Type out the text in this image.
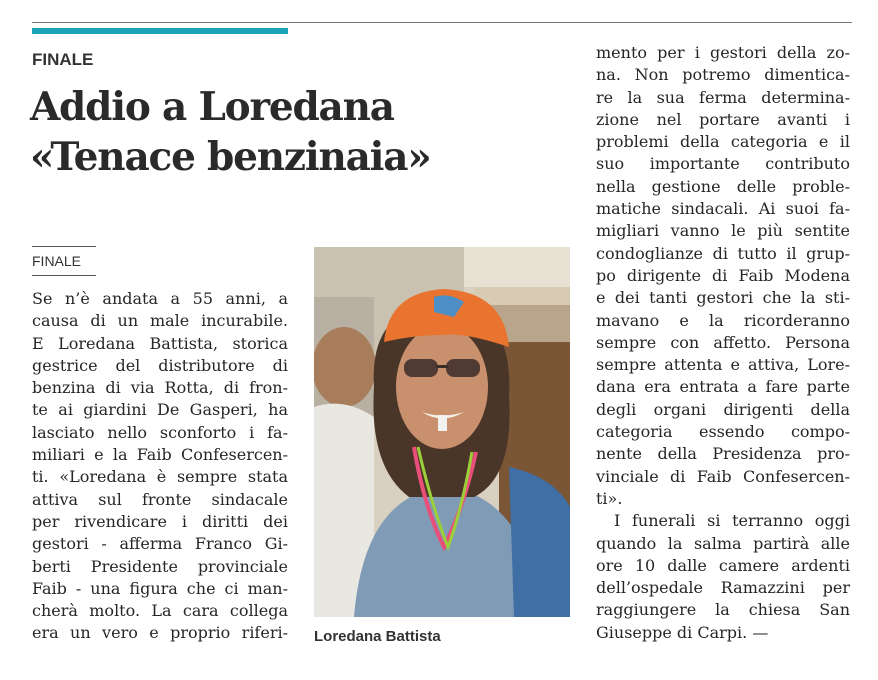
FINALE
Addio a Loredana
«Tenace benzinaia»
FINALE
Se n’è andata a 55 anni, a
causa di un male incurabile.
E Loredana Battista, storica
gestrice del distributore di
benzina di via Rotta, di fron-
te ai giardini De Gasperi, ha
lasciato nello sconforto i fa-
miliari e la Faib Confesercen-
ti. «Loredana è sempre stata
attiva sul fronte sindacale
per rivendicare i diritti dei
gestori - afferma Franco Gi-
berti Presidente provinciale
Faib - una figura che ci man-
cherà molto. La cara collega
era un vero e proprio riferi- Loredana Battista
mento per i gestori della zo-
na. Non potremo dimentica-
re la sua ferma determina-
zione nel portare avanti i
problemi della categoria e il
suo importante contributo
nella gestione delle proble-
matiche sindacali. Ai suoi fa-
migliari vanno le più sentite
condoglianze di tutto il grup-
po dirigente di Faib Modena
e dei tanti gestori che la sti-
mavano e la ricorderanno
sempre con affetto. Persona
sempre attenta e attiva, Lore-
dana era entrata a fare parte
degli organi dirigenti della
categoria essendo compo-
nente della Presidenza pro-
vinciale di Faib Confesercen-
ti».
I funerali si terranno oggi
quando la salma partirà alle
ore 10 dalle camere ardenti
dell’ospedale Ramazzini per
raggiungere la chiesa San
Giuseppe di Carpi. —
